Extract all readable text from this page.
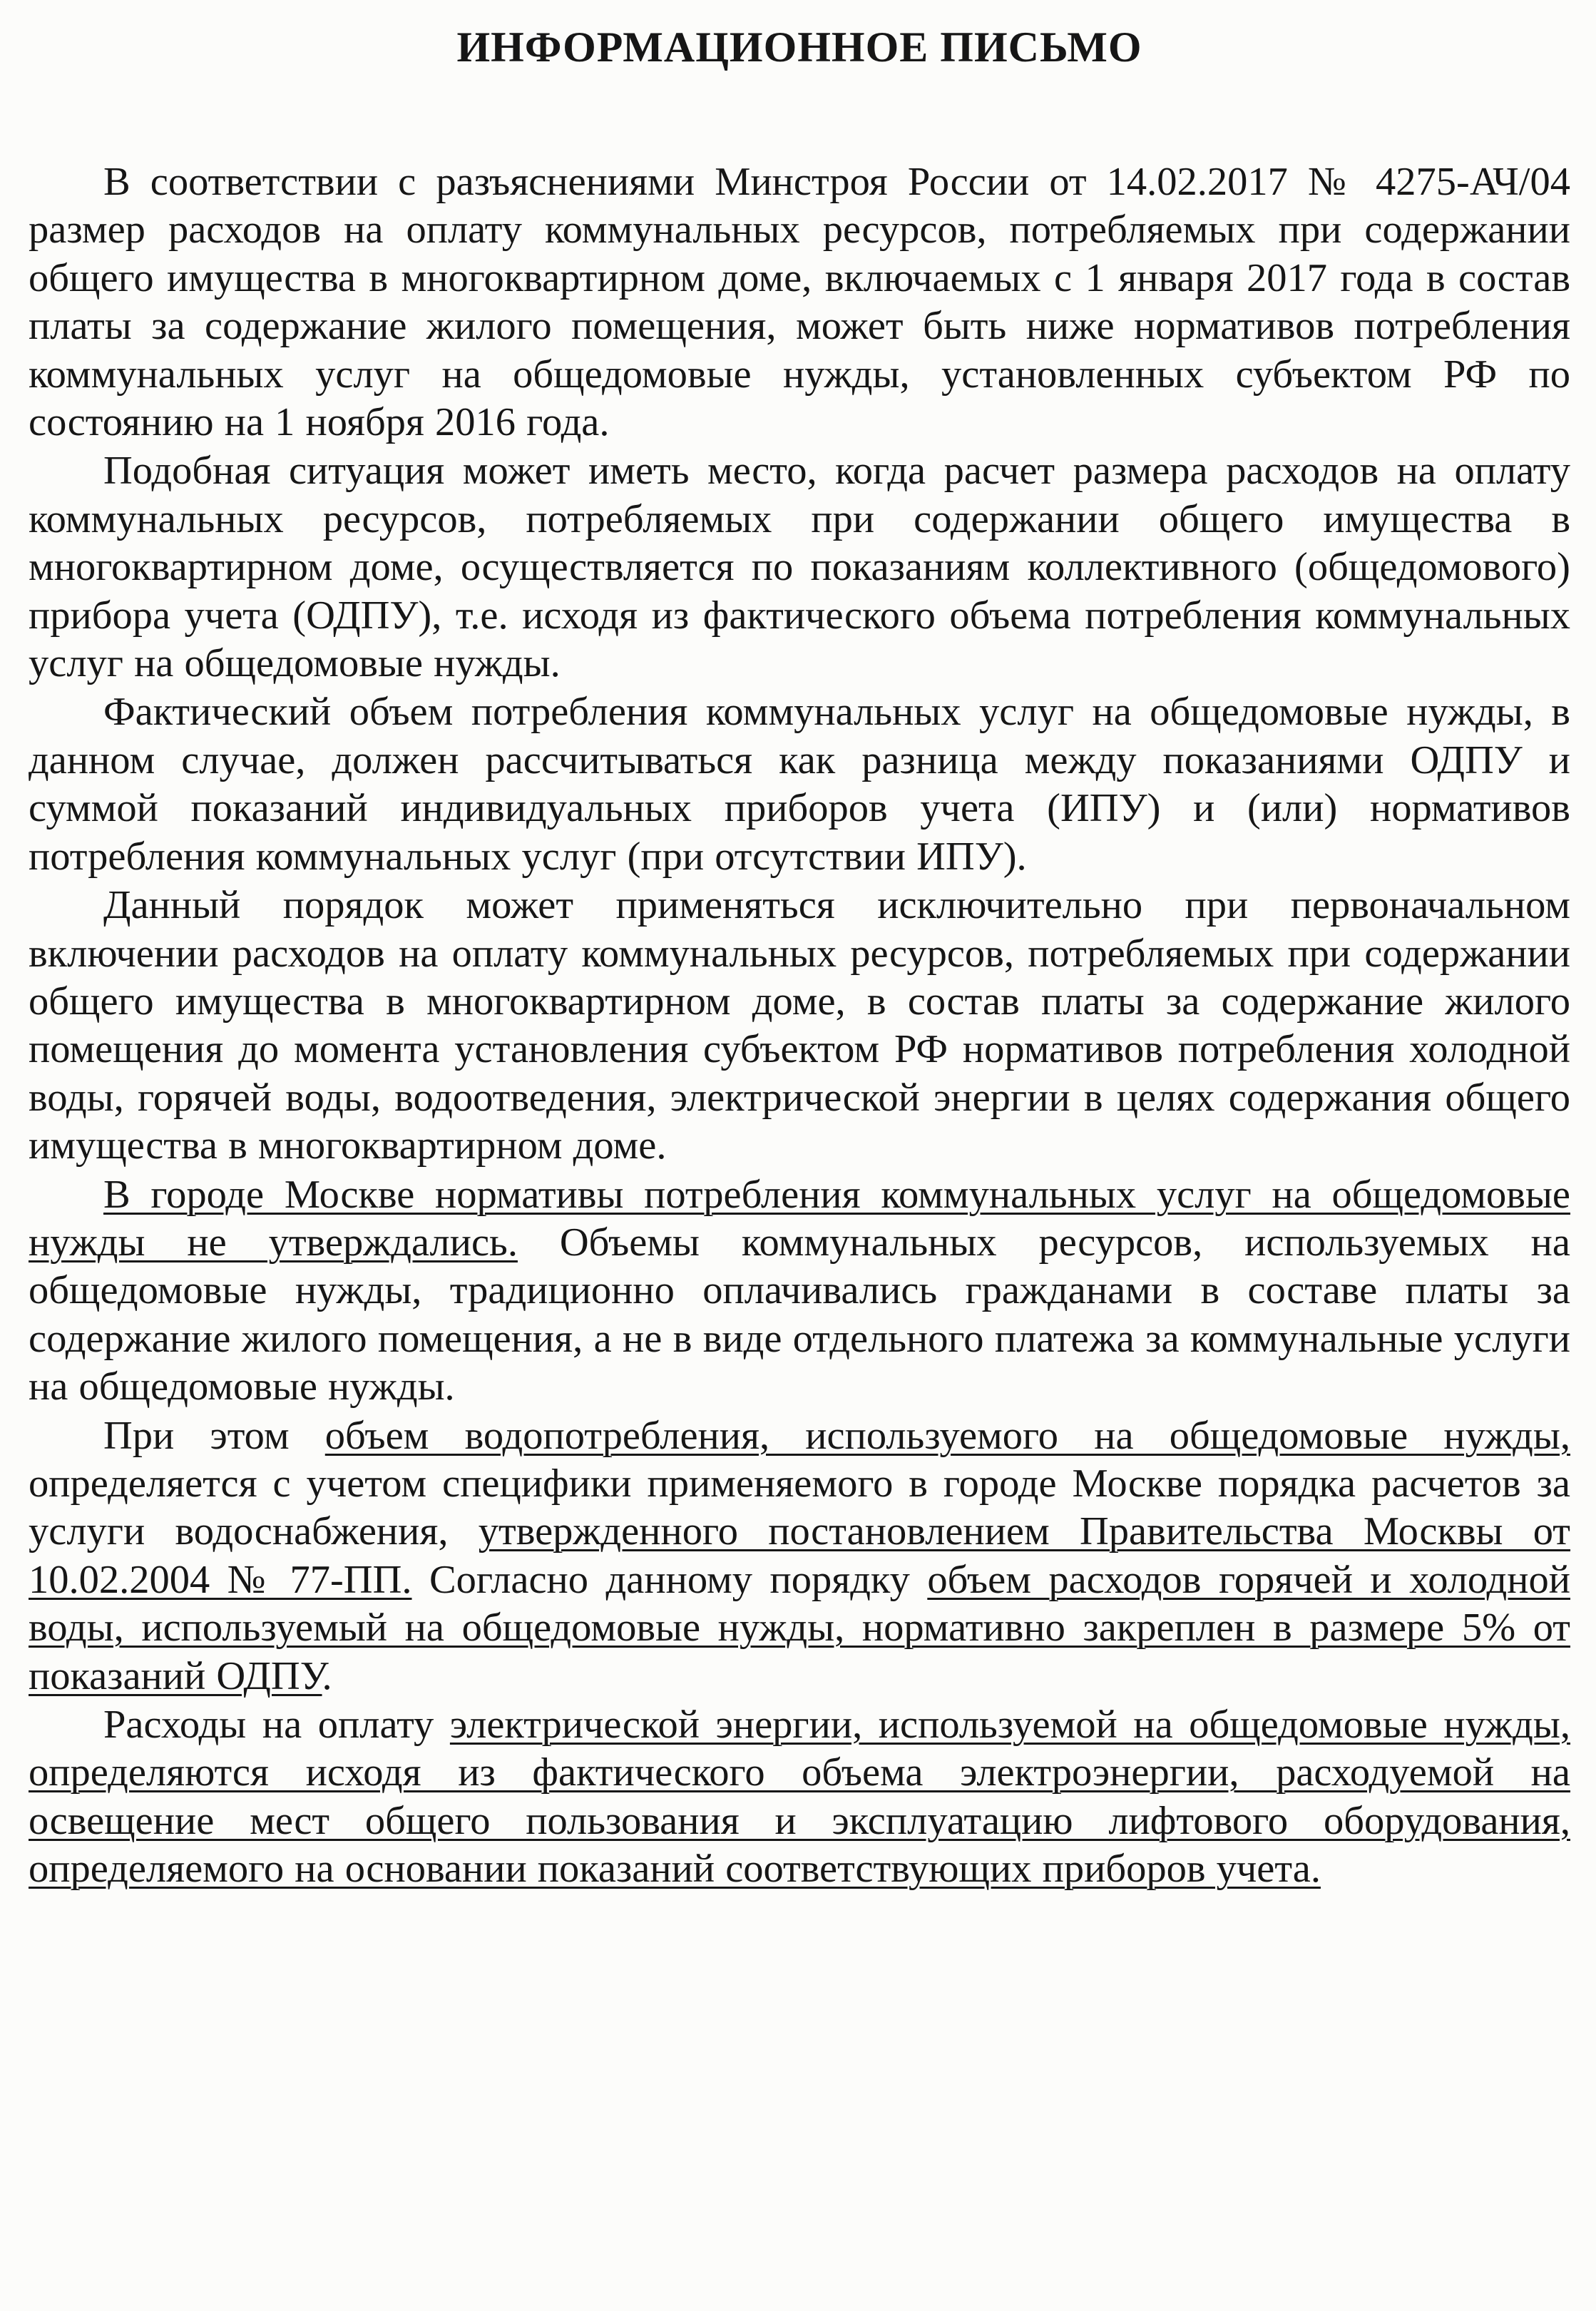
ИНФОРМАЦИОННОЕ ПИСЬМО

В соответствии с разъяснениями Минстроя России от 14.02.2017 № 4275-АЧ/04 размер расходов на оплату коммунальных ресурсов, потребляемых при содержании общего имущества в многоквартирном доме, включаемых с 1 января 2017 года в состав платы за содержание жилого помещения, может быть ниже нормативов потребления коммунальных услуг на общедомовые нужды, установленных субъектом РФ по состоянию на 1 ноября 2016 года.

Подобная ситуация может иметь место, когда расчет размера расходов на оплату коммунальных ресурсов, потребляемых при содержании общего имущества в многоквартирном доме, осуществляется по показаниям коллективного (общедомового) прибора учета (ОДПУ), т.е. исходя из фактического объема потребления коммунальных услуг на общедомовые нужды.

Фактический объем потребления коммунальных услуг на общедомовые нужды, в данном случае, должен рассчитываться как разница между показаниями ОДПУ и суммой показаний индивидуальных приборов учета (ИПУ) и (или) нормативов потребления коммунальных услуг (при отсутствии ИПУ).

Данный порядок может применяться исключительно при первоначальном включении расходов на оплату коммунальных ресурсов, потребляемых при содержании общего имущества в многоквартирном доме, в состав платы за содержание жилого помещения до момента установления субъектом РФ нормативов потребления холодной воды, горячей воды, водоотведения, электрической энергии в целях содержания общего имущества в многоквартирном доме.

В городе Москве нормативы потребления коммунальных услуг на общедомовые нужды не утверждались. Объемы коммунальных ресурсов, используемых на общедомовые нужды, традиционно оплачивались гражданами в составе платы за содержание жилого помещения, а не в виде отдельного платежа за коммунальные услуги на общедомовые нужды.

При этом объем водопотребления, используемого на общедомовые нужды, определяется с учетом специфики применяемого в городе Москве порядка расчетов за услуги водоснабжения, утвержденного постановлением Правительства Москвы от 10.02.2004 № 77-ПП. Согласно данному порядку объем расходов горячей и холодной воды, используемый на общедомовые нужды, нормативно закреплен в размере 5% от показаний ОДПУ.

Расходы на оплату электрической энергии, используемой на общедомовые нужды, определяются исходя из фактического объема электроэнергии, расходуемой на освещение мест общего пользования и эксплуатацию лифтового оборудования, определяемого на основании показаний соответствующих приборов учета.
